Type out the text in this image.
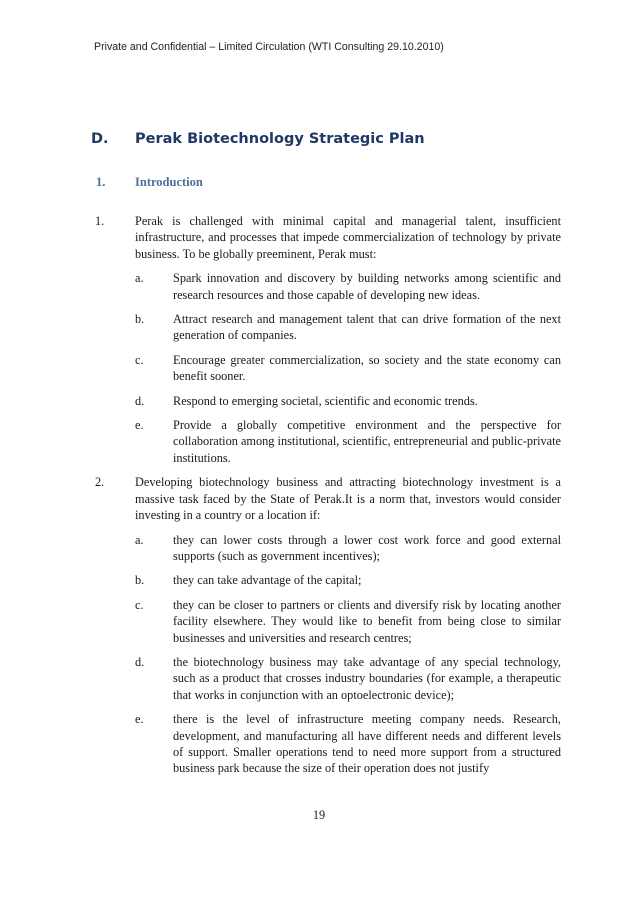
Private and Confidential – Limited Circulation (WTI Consulting 29.10.2010)
D. Perak Biotechnology Strategic Plan
1. Introduction
1.	Perak is challenged with minimal capital and managerial talent, insufficient infrastructure, and processes that impede commercialization of technology by private business. To be globally preeminent, Perak must:

a.	Spark innovation and discovery by building networks among scientific and research resources and those capable of developing new ideas.
b.	Attract research and management talent that can drive formation of the next generation of companies.
c.	Encourage greater commercialization, so society and the state economy can benefit sooner.
d.	Respond to emerging societal, scientific and economic trends.
e.	Provide a globally competitive environment and the perspective for collaboration among institutional, scientific, entrepreneurial and public-private institutions.
2.	Developing biotechnology business and attracting biotechnology investment is a massive task faced by the State of Perak.It is a norm that, investors would consider investing in a country or a location if:

a.	they can lower costs through a lower cost work force and good external supports (such as government incentives);
b.	they can take advantage of the capital;
c.	they can be closer to partners or clients and diversify risk by locating another facility elsewhere. They would like to benefit from being close to similar businesses and universities and research centres;
d.	the biotechnology business may take advantage of any special technology, such as a product that crosses industry boundaries (for example, a therapeutic that works in conjunction with an optoelectronic device);
e.	there is the level of infrastructure meeting company needs. Research, development, and manufacturing all have different needs and different levels of support. Smaller operations tend to need more support from a structured business park because the size of their operation does not justify
19
